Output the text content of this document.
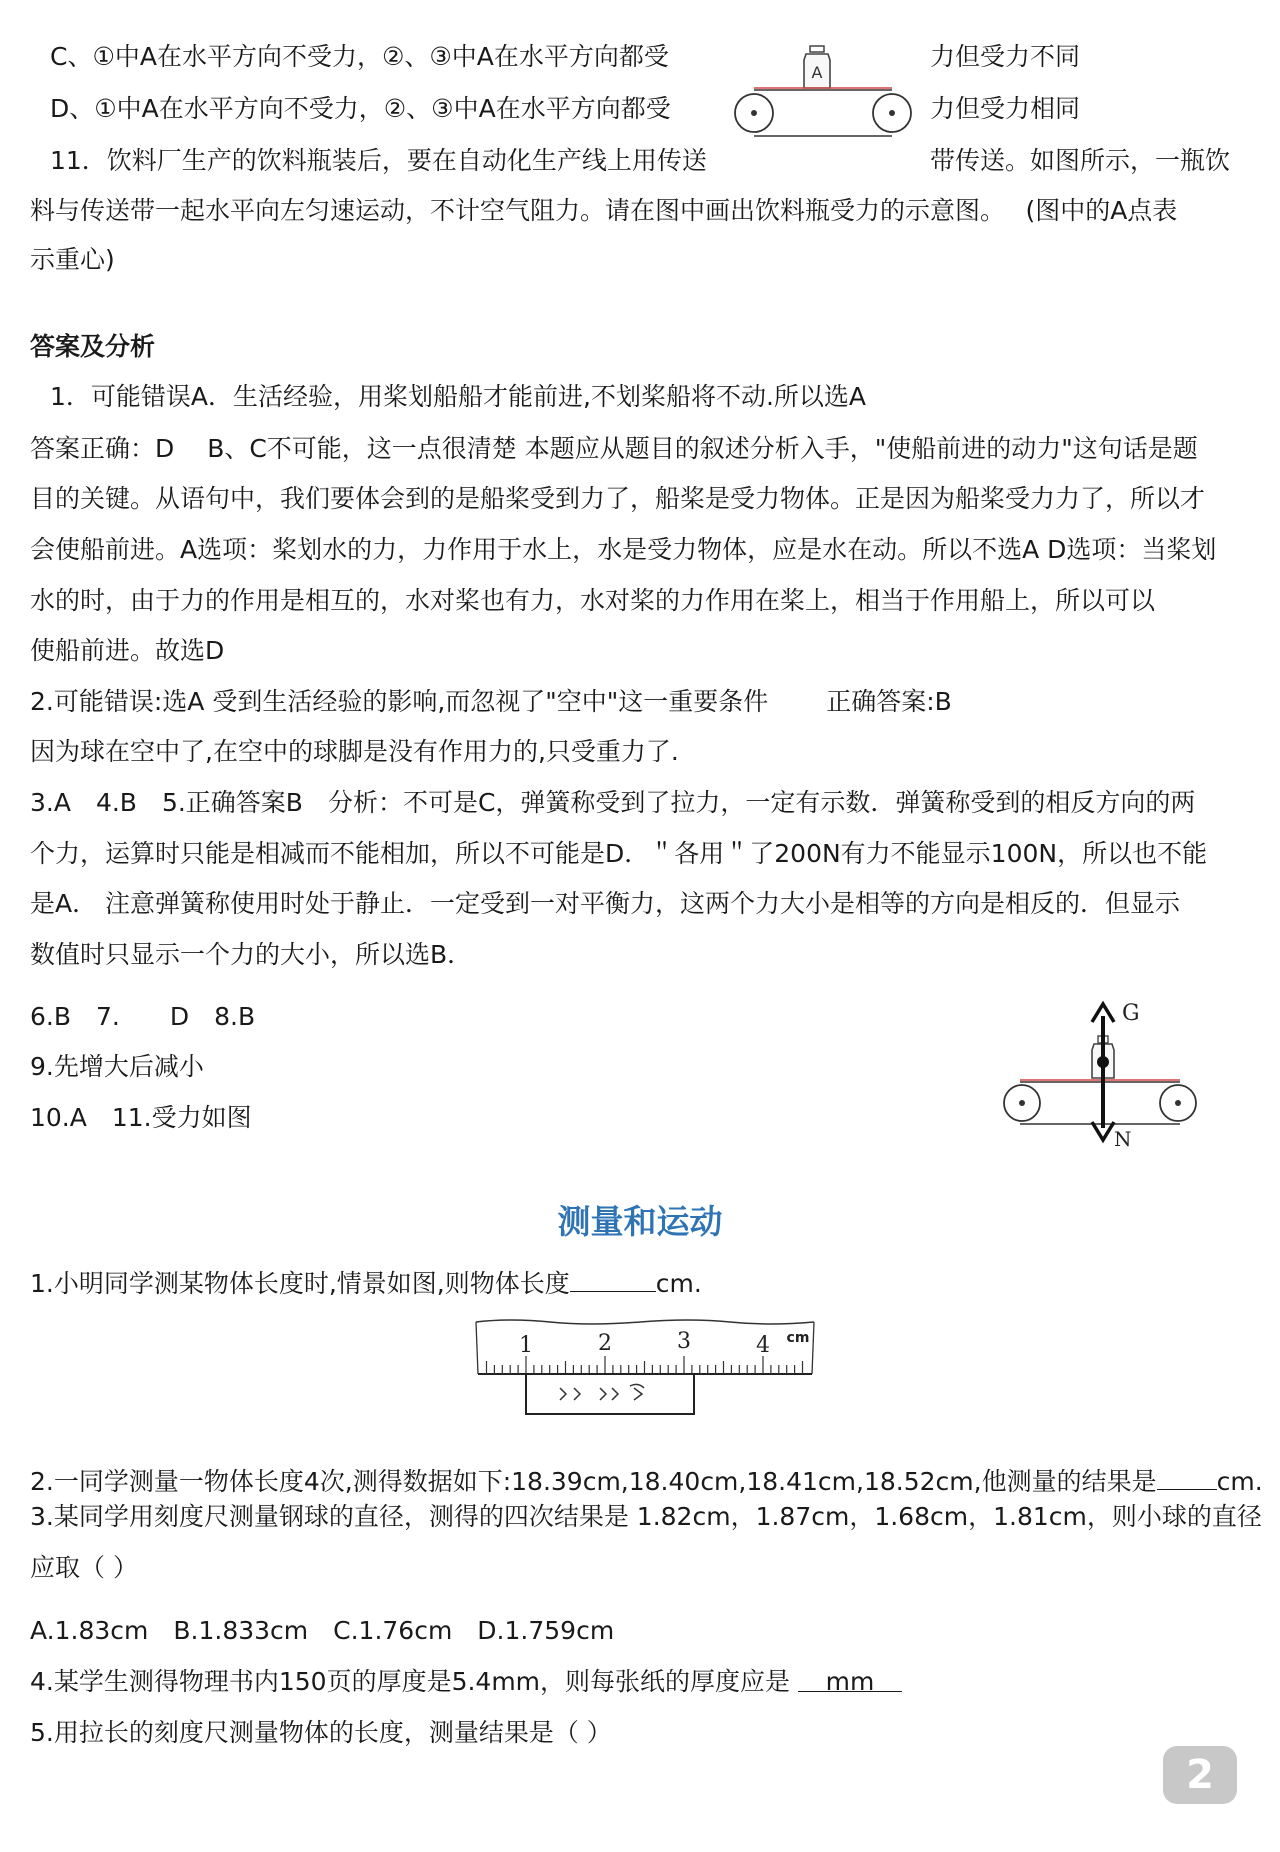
C、①中A在水平方向不受力，②、③中A在水平方向都受	力但受力不同
D、①中A在水平方向不受力，②、③中A在水平方向都受	力但受力相同
11．饮料厂生产的饮料瓶装后，要在自动化生产线上用传送	带传送。如图所示，一瓶饮
料与传送带一起水平向左匀速运动，不计空气阻力。请在图中画出饮料瓶受力的示意图。　 (图中的A点表
示重心)
A
答案及分析
1．可能错误A．生活经验，用桨划船船才能前进,不划桨船将不动.所以选A
答案正确：D　 B、C不可能，这一点很清楚 本题应从题目的叙述分析入手，"使船前进的动力"这句话是题
目的关键。从语句中，我们要体会到的是船桨受到力了，船桨是受力物体。正是因为船桨受力力了，所以才
会使船前进。A选项：桨划水的力，力作用于水上，水是受力物体，应是水在动。所以不选A D选项：当桨划
水的时，由于力的作用是相互的，水对桨也有力，水对桨的力作用在桨上，相当于作用船上，所以可以
使船前进。故选D
2.可能错误:选A 受到生活经验的影响,而忽视了"空中"这一重要条件　　 正确答案:B
因为球在空中了,在空中的球脚是没有作用力的,只受重力了.
3.A　4.B　5.正确答案B　分析：不可是C，弹簧称受到了拉力，一定有示数．弹簧称受到的相反方向的两
个力，运算时只能是相减而不能相加，所以不可能是D．＂各用＂了200N有力不能显示100N，所以也不能
是A． 注意弹簧称使用时处于静止．一定受到一对平衡力，这两个力大小是相等的方向是相反的．但显示
数值时只显示一个力的大小，所以选B．
6.B　7.　　D　8.B
9.先增大后减小
10.A　11.受力如图
G
N
测量和运动
1.小明同学测某物体长度时,情景如图,则物体长度	cm.
1	2	3	4 cm
2.一同学测量一物体长度4次,测得数据如下:18.39cm,18.40cm,18.41cm,18.52cm,他测量的结果是 cm.
3.某同学用刻度尺测量钢球的直径，测得的四次结果是 1.82cm，1.87cm，1.68cm，1.81cm，则小球的直径
应取（ ）
A.1.83cm　B.1.833cm　C.1.76cm　D.1.759cm
4.某学生测得物理书内150页的厚度是5.4mm，则每张纸的厚度应是 mm
5.用拉长的刻度尺测量物体的长度，测量结果是（ ）
2
